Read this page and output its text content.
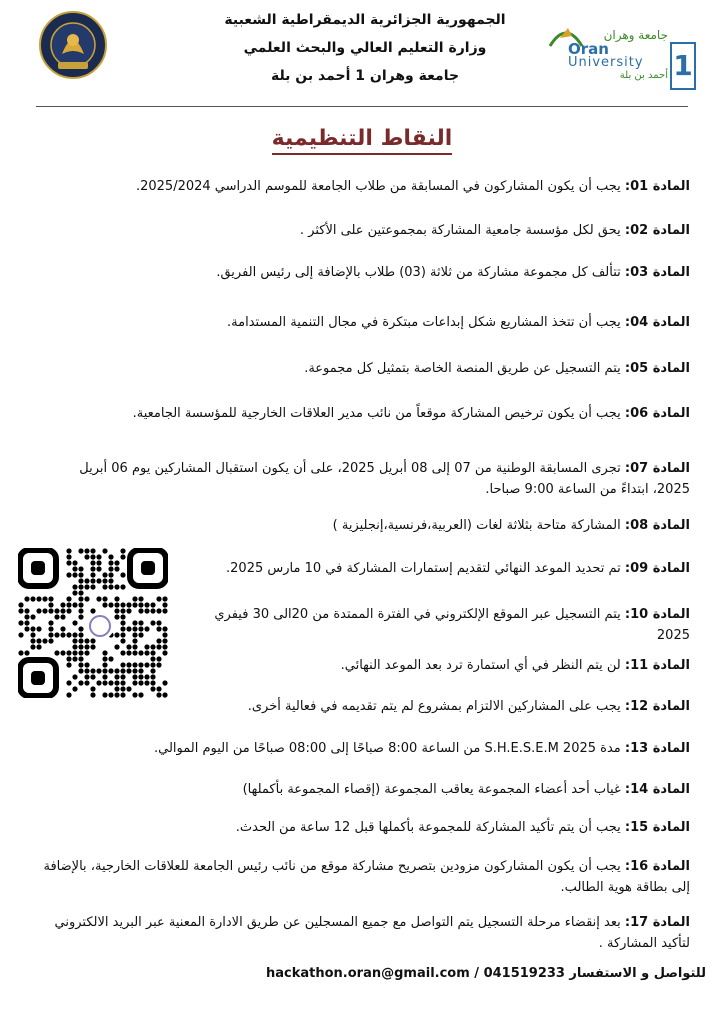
الجمهورية الجزائرية الديمقراطية الشعبية
وزارة التعليم العالي والبحث العلمي
جامعة وهران 1 أحمد بن بلة
جامعة وهران
Oran
University
أحمد بن بلة 1
النقاط التنظيمية
المادة 01: يجب أن يكون المشاركون في المسابقة من طلاب الجامعة للموسم الدراسي 2025/2024.
المادة 02: يحق لكل مؤسسة جامعية المشاركة بمجموعتين على الأكثر .
المادة 03: تتألف كل مجموعة مشاركة من ثلاثة (03) طلاب بالإضافة إلى رئيس الفريق.
المادة 04: يجب أن تتخذ المشاريع شكل إبداعات مبتكرة في مجال التنمية المستدامة.
المادة 05: يتم التسجيل عن طريق المنصة الخاصة بتمثيل كل مجموعة.
المادة 06: يجب أن يكون ترخيص المشاركة موقعاً من نائب مدير العلاقات الخارجية للمؤسسة الجامعية.
المادة 07: تجرى المسابقة الوطنية من 07 إلى 08 أبريل 2025، على أن يكون استقبال المشاركين يوم 06 أبريل 2025، ابتداءً من الساعة 9:00 صباحا.
المادة 08: المشاركة متاحة بثلاثة لغات (العربية،فرنسية،إنجليزية )
المادة 09: تم تحديد الموعد النهائي لتقديم إستمارات المشاركة في 10 مارس 2025.
المادة 10: يتم التسجيل عبر الموقع الإلكتروني في الفترة الممتدة من 20الى 30 فيفري 2025
المادة 11: لن يتم النظر في أي استمارة ترد بعد الموعد النهائي.
المادة 12: يجب على المشاركين الالتزام بمشروع لم يتم تقديمه في فعالية أخرى.
المادة 13: مدة S.H.E.S.E.M 2025 من الساعة 8:00 صباحًا إلى 08:00 صباحًا من اليوم الموالي.
المادة 14: غياب أحد أعضاء المجموعة يعاقب المجموعة (إقصاء المجموعة بأكملها)
المادة 15: يجب أن يتم تأكيد المشاركة للمجموعة بأكملها قبل 12 ساعة من الحدث.
المادة 16: يجب أن يكون المشاركون مزودين بتصريح مشاركة موقع من نائب رئيس الجامعة للعلاقات الخارجية، بالإضافة إلى بطاقة هوية الطالب.
المادة 17: بعد إنقضاء مرحلة التسجيل يتم التواصل مع جميع المسجلين عن طريق الادارة المعنية عبر البريد الالكتروني لتأكيد المشاركة .
للتواصل و الاستفسار
hackathon.oran@gmail.com / 041519233
